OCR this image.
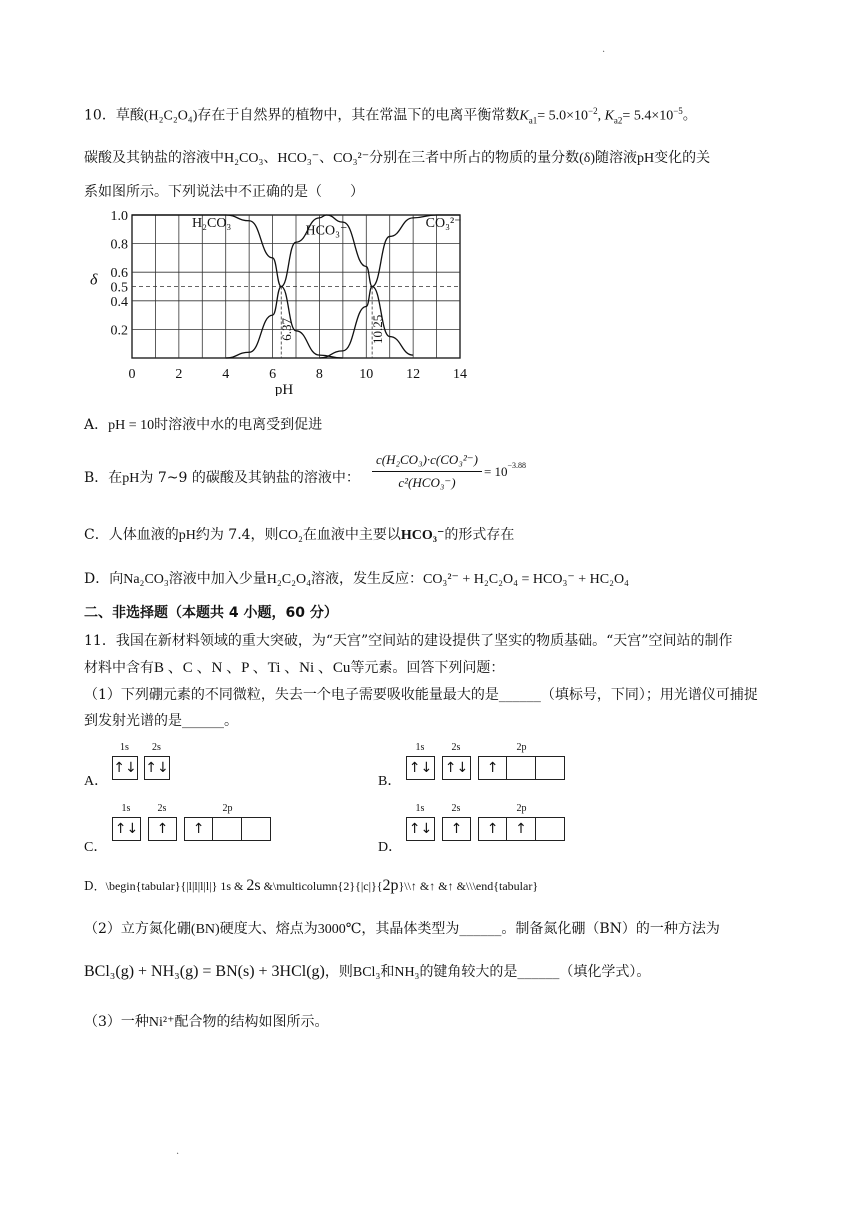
.
10．草酸(H₂C₂O₄)存在于自然界的植物中，其在常温下的电离平衡常数$K_{a1}= 5.0\times 10^{-2}$, $K_{a2}= 5.4\times 10^{-5}$。
碳酸及其钠盐的溶液中H₂CO₃、HCO₃⁻、CO₃²⁻分别在三者中所占的物质的量分数(δ)随溶液pH变化的关
系如图所示。下列说法中不正确的是（　　）
H₂CO₃	HCO₃⁻	CO₃²⁻
6.37	10.25
0	2	4	6	8	10 12 14
1.0
0.8
0.6
0.5
0.4
0.2
pH
δ
A．pH = 10时溶液中水的电离受到促进
B．在pH为 7~9 的碳酸及其钠盐的溶液中： $\frac{\text{c(H₂CO₃)·c(CO₃²⁻)}}{\text{c²(HCO₃⁻)}} = 10^{-3.88}$
C．人体血液的pH约为 7.4，则CO₂在血液中主要以HCO₃⁻的形式存在
D．向Na₂CO₃溶液中加入少量H₂C₂O₄溶液，发生反应：CO₃²⁻ + H₂C₂O₄ = HCO₃⁻ + HC₂O₄
二、非选择题（本题共 4 小题，60 分）
11．我国在新材料领域的重大突破，为“天宫”空间站的建设提供了坚实的物质基础。“天宫”空间站的制作
材料中含有B 、C 、N 、P 、Ti 、Ni 、Cu等元素。回答下列问题：
（1）下列硼元素的不同微粒，失去一个电子需要吸收能量最大的是______（填标号，下同）；用光谱仪可捕捉
到发射光谱的是______。
A．
1s
↑↓
2s
↑↓
B．
1s
↑↓
2s
↑↓
2p
↑
C．
1s
↑↓
2s
↑
2p
↑
D．
1s
↑↓
2s
↑
2p
↑	↑
D．\begin{tabular}{|l|l|l|l|} 1s & 2s &\multicolumn{2}{|c|}{2p}\\↑ &↑ &↑ &\\\end{tabular}
（2）立方氮化硼(BN)硬度大、熔点为3000℃，其晶体类型为______。制备氮化硼（BN）的一种方法为
BCl₃(g) + NH₃(g) = BN(s) + 3HCl(g)，则BCl₃和NH₃的键角较大的是______（填化学式）。
（3）一种Ni²⁺配合物的结构如图所示。
.
